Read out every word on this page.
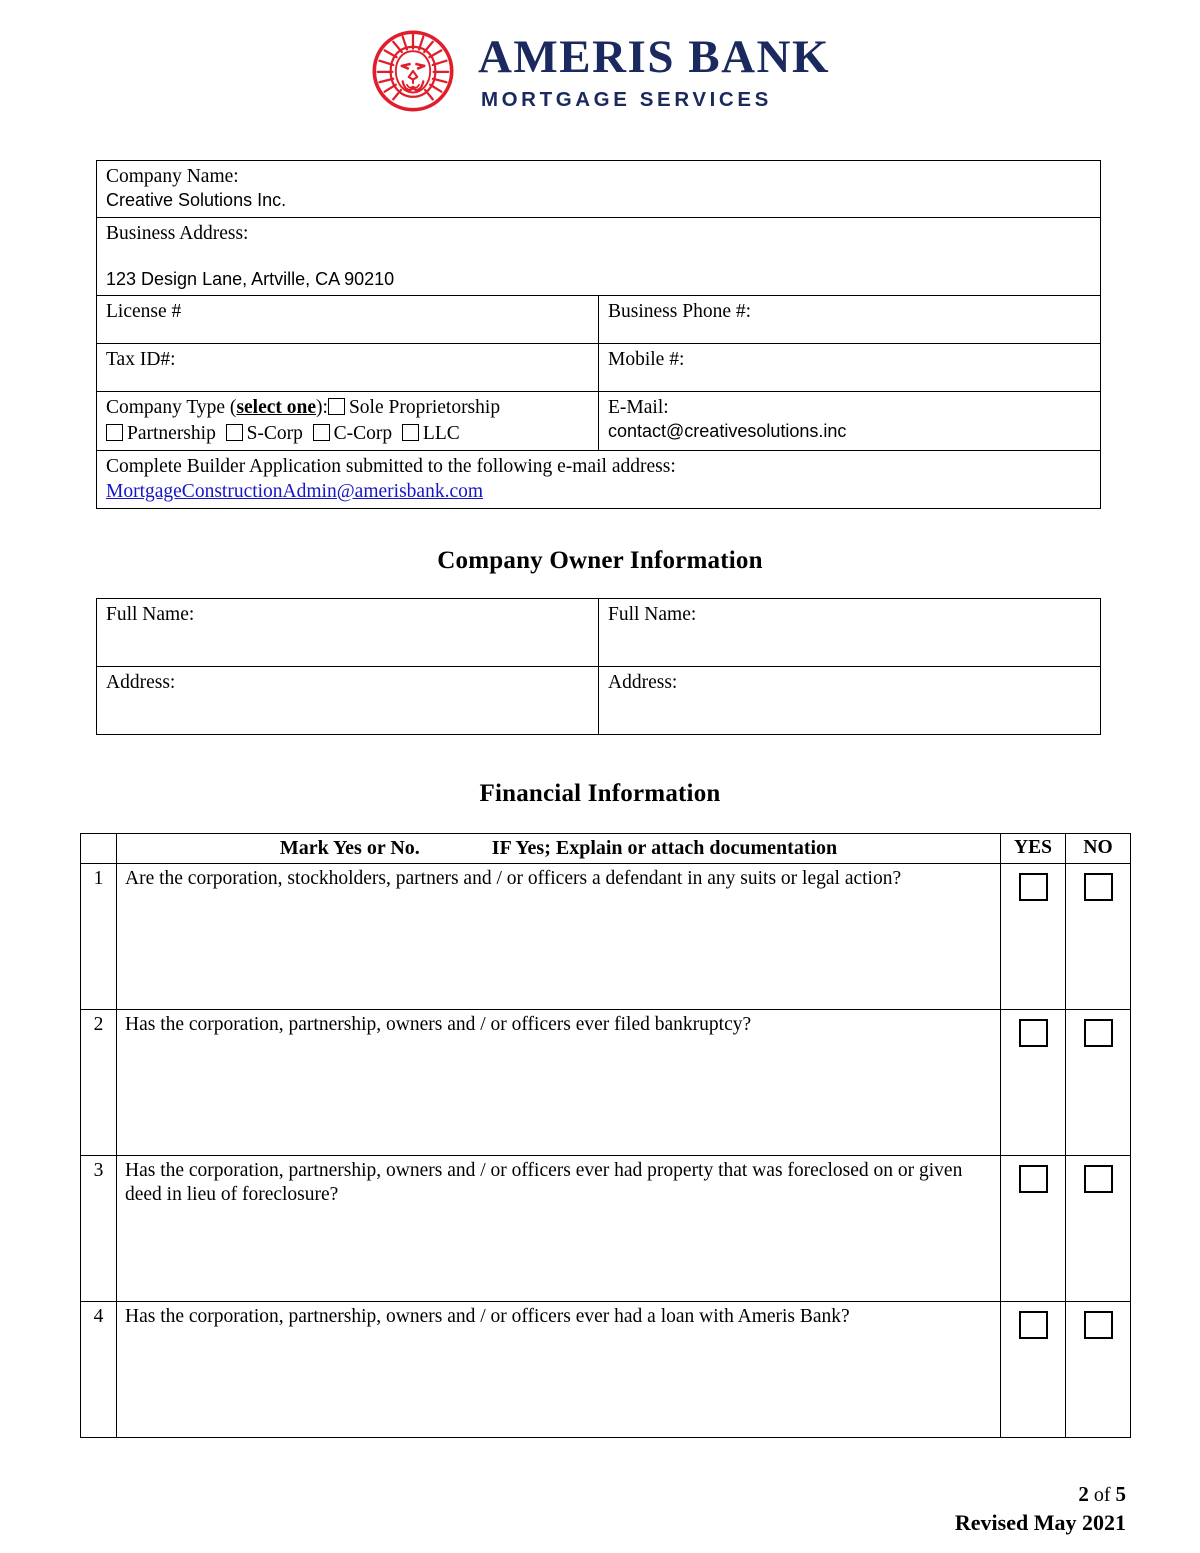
AMERIS BANK
MORTGAGE SERVICES
Company Name:
Creative Solutions Inc.	

Business Address:
123 Design Lane, Artville, CA 90210	

License #	Business Phone #:

Tax ID#:	Mobile #:

Company Type (select one): Sole Proprietorship
Partnership S-Corp C-Corp LLC

E-Mail:
contact@creativesolutions.inc

Complete Builder Application submitted to the following e-mail address:
MortgageConstructionAdmin@amerisbank.com	
Company Owner Information
Full Name:	Full Name:
Address:	Address:
Financial Information

	Mark Yes or No. IF Yes; Explain or attach documentation	YES	NO
1	Are the corporation, stockholders, partners and / or officers a defendant in any suits or legal action?		
2	Has the corporation, partnership, owners and / or officers ever filed bankruptcy?		
3	Has the corporation, partnership, owners and / or officers ever had property that was foreclosed on or given deed in lieu of foreclosure?		
4	Has the corporation, partnership, owners and / or officers ever had a loan with Ameris Bank?		
2 of 5
Revised May 2021
